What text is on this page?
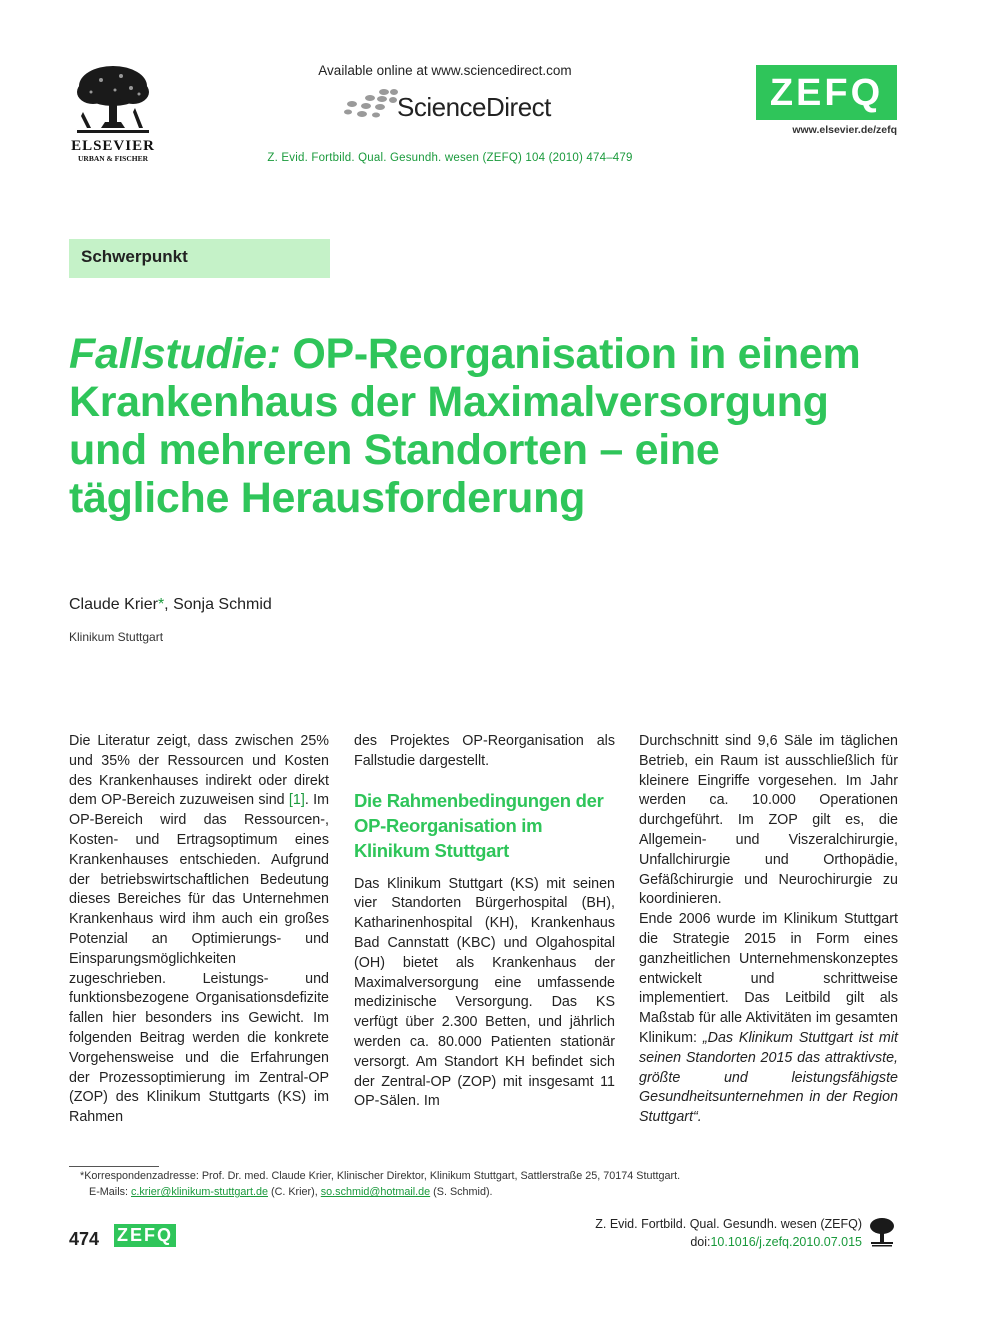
ELSEVIER
URBAN & FISCHER
Available online at www.sciencedirect.com
ScienceDirect	ZEFQ
www.elsevier.de/zefq
Z. Evid. Fortbild. Qual. Gesundh. wesen (ZEFQ) 104 (2010) 474–479
Schwerpunkt
Fallstudie: OP-Reorganisation in einem Krankenhaus der Maximalversorgung und mehreren Standorten – eine tägliche Herausforderung
Claude Krier*, Sonja Schmid
Klinikum Stuttgart

Die Literatur zeigt, dass zwischen 25% und 35% der Ressourcen und Kosten des Krankenhauses indirekt oder direkt dem OP-Bereich zuzuweisen sind [1]. Im OP-Bereich wird das Ressourcen-, Kosten- und Ertragsoptimum eines Krankenhauses entschieden. Aufgrund der betriebswirtschaftlichen Bedeutung dieses Bereiches für das Unternehmen Krankenhaus wird ihm auch ein großes Potenzial an Optimierungs- und Einsparungsmöglichkeiten zugeschrieben. Leistungs- und funktionsbezogene Organisationsdefizite fallen hier besonders ins Gewicht. Im folgenden Beitrag werden die konkrete Vorgehensweise und die Erfahrungen der Prozessoptimierung im Zentral-OP (ZOP) des Klinikum Stuttgarts (KS) im Rahmen

des Projektes OP-Reorganisation als Fallstudie dargestellt.

Die Rahmenbedingungen der OP-Reorganisation im Klinikum Stuttgart

Das Klinikum Stuttgart (KS) mit seinen vier Standorten Bürgerhospital (BH), Katharinenhospital (KH), Krankenhaus Bad Cannstatt (KBC) und Olgahospital (OH) bietet als Krankenhaus der Maximalversorgung eine umfassende medizinische Versorgung. Das KS verfügt über 2.300 Betten, und jährlich werden ca. 80.000 Patienten stationär versorgt. Am Standort KH befindet sich der Zentral-OP (ZOP) mit insgesamt 11 OP-Sälen. Im

Durchschnitt sind 9,6 Säle im täglichen Betrieb, ein Raum ist ausschließlich für kleinere Eingriffe vorgesehen. Im Jahr werden ca. 10.000 Operationen durchgeführt. Im ZOP gilt es, die Allgemein- und Viszeralchirurgie, Unfallchirurgie und Orthopädie, Gefäßchirurgie und Neurochirurgie zu koordinieren.

Ende 2006 wurde im Klinikum Stuttgart die Strategie 2015 in Form eines ganzheitlichen Unternehmenskonzeptes entwickelt und schrittweise implementiert. Das Leitbild gilt als Maßstab für alle Aktivitäten im gesamten Klinikum: „Das Klinikum Stuttgart ist mit seinen Standorten 2015 das attraktivste, größte und leistungsfähigste Gesundheitsunternehmen in der Region Stuttgart“.

*Korrespondenzadresse: Prof. Dr. med. Claude Krier, Klinischer Direktor, Klinikum Stuttgart, Sattlerstraße 25, 70174 Stuttgart.
E-Mails: c.krier@klinikum-stuttgart.de (C. Krier), so.schmid@hotmail.de (S. Schmid).
474 ZEFQ
Z. Evid. Fortbild. Qual. Gesundh. wesen (ZEFQ)
doi:10.1016/j.zefq.2010.07.015
